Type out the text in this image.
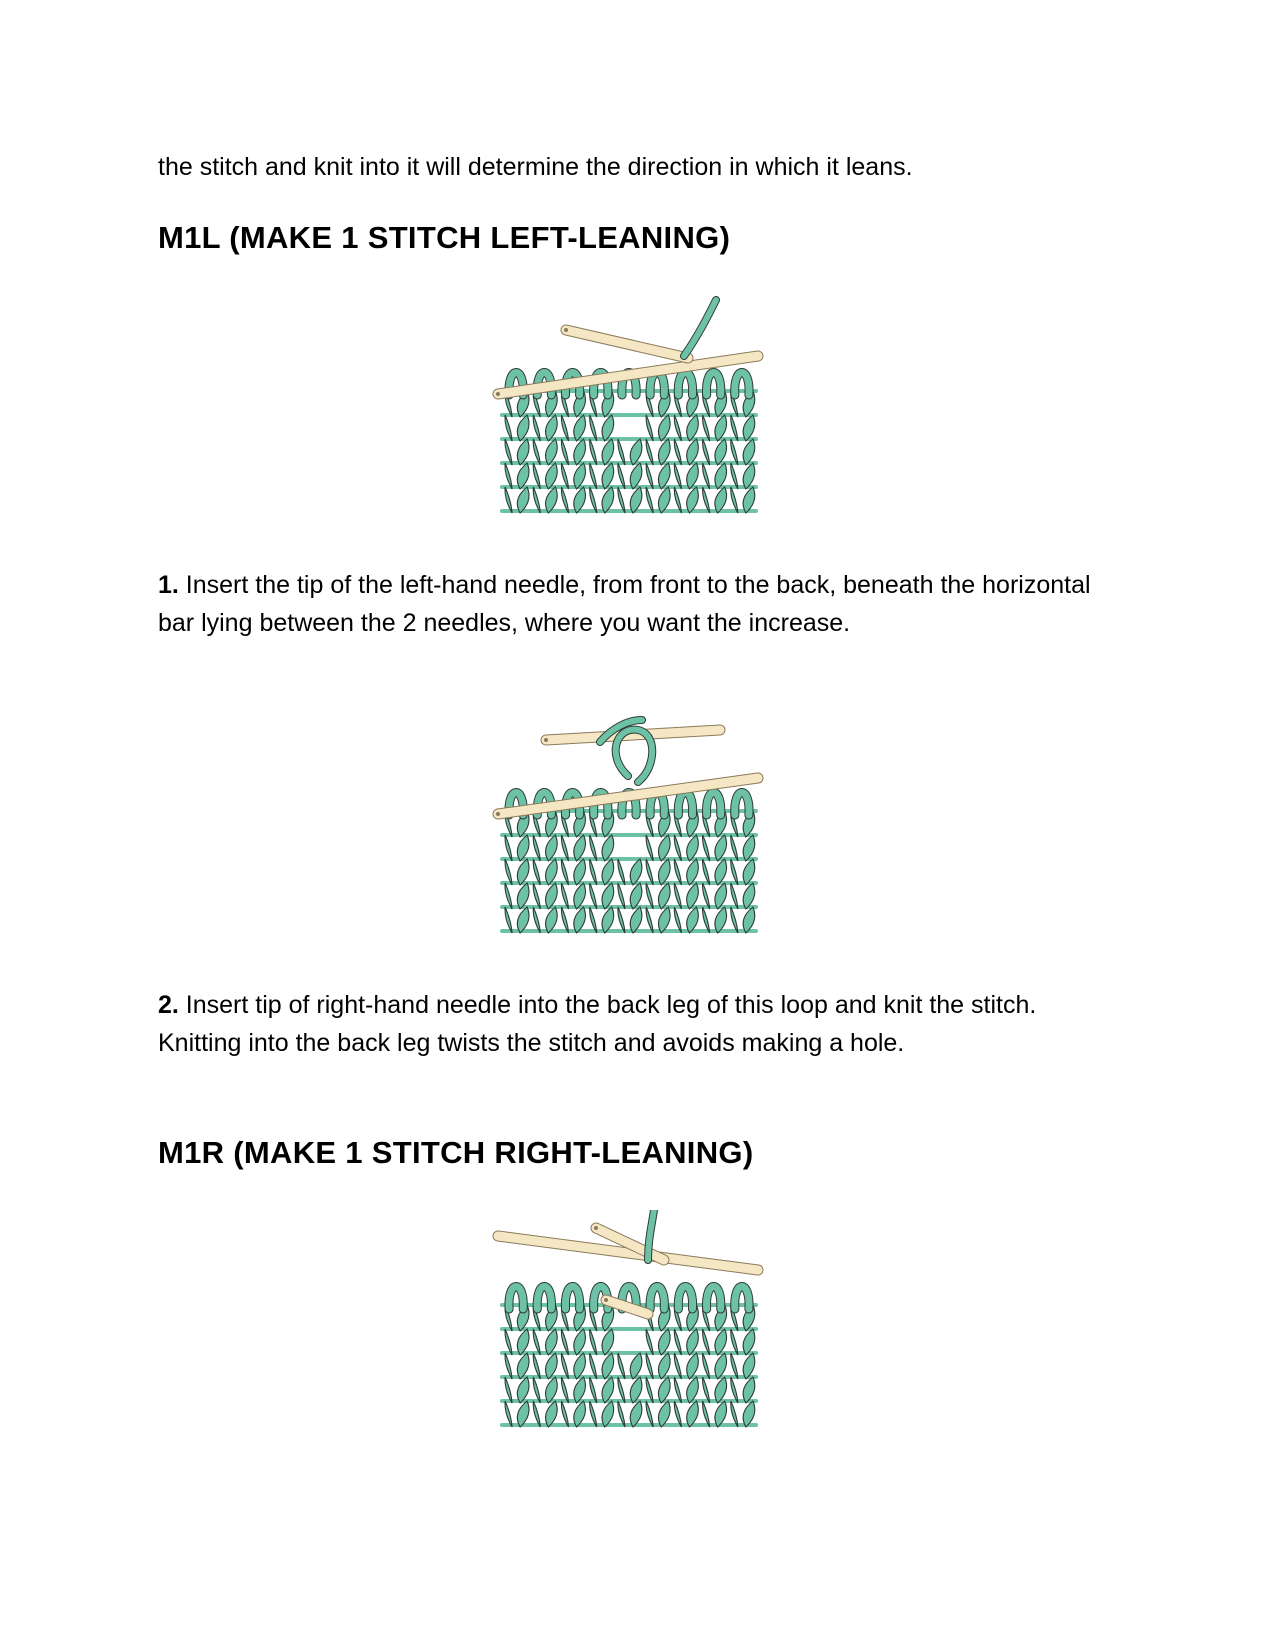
the stitch and knit into it will determine the direction in which it leans.

M1L (MAKE 1 STITCH LEFT-LEANING)

1. Insert the tip of the left-hand needle, from front to the back, beneath the horizontal bar lying between the 2 needles, where you want the increase.

2. Insert tip of right-hand needle into the back leg of this loop and knit the stitch. Knitting into the back leg twists the stitch and avoids making a hole.

M1R (MAKE 1 STITCH RIGHT-LEANING)
